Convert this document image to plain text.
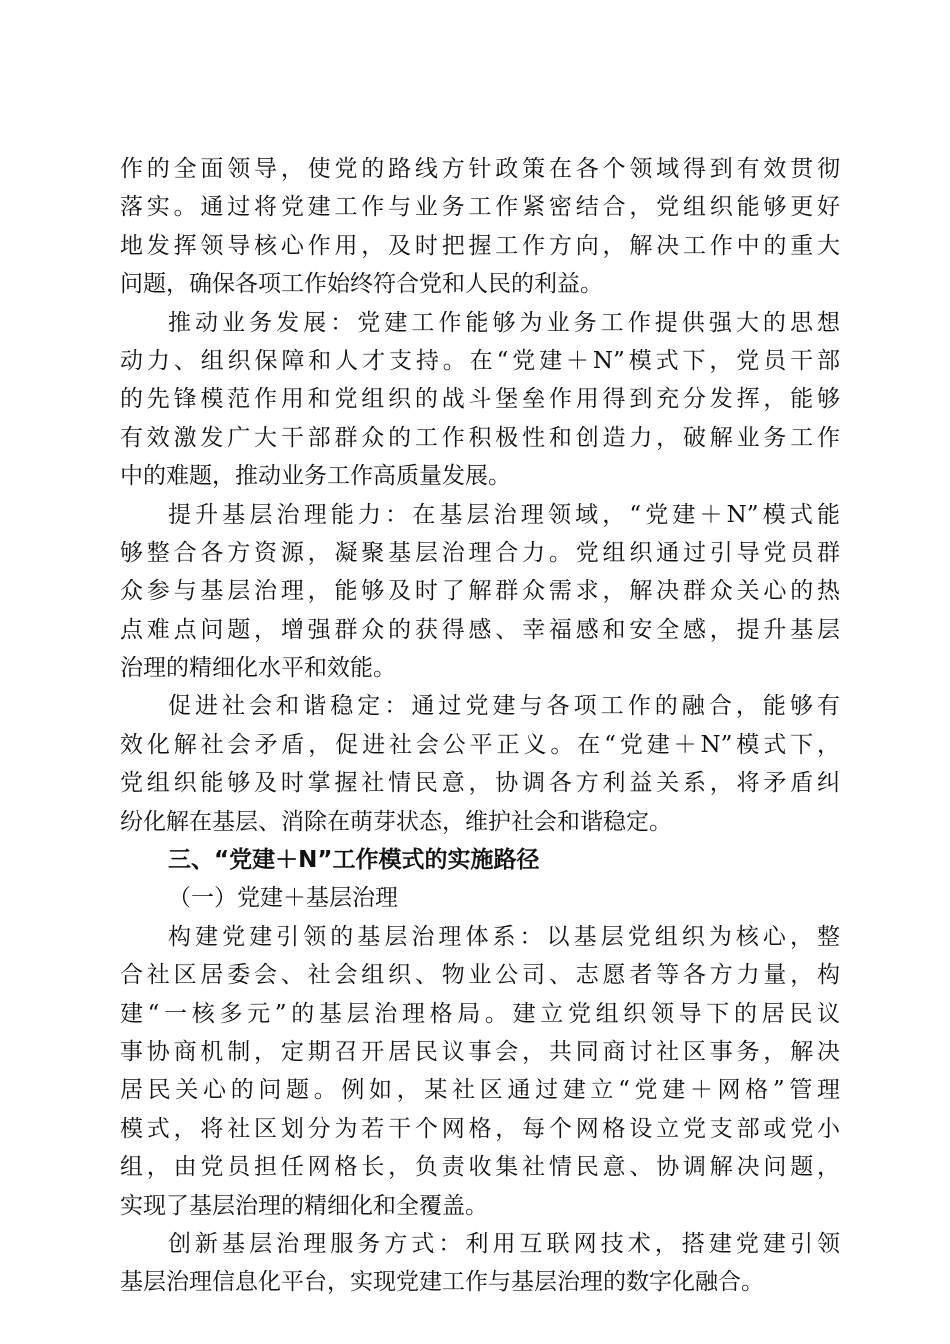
作的全面领导，使党的路线方针政策在各个领域得到有效贯彻
落实。通过将党建工作与业务工作紧密结合，党组织能够更好
地发挥领导核心作用，及时把握工作方向，解决工作中的重大
问题，确保各项工作始终符合党和人民的利益。
推动业务发展：党建工作能够为业务工作提供强大的思想
动力、组织保障和人才支持。在“党建＋N”模式下，党员干部
的先锋模范作用和党组织的战斗堡垒作用得到充分发挥，能够
有效激发广大干部群众的工作积极性和创造力，破解业务工作
中的难题，推动业务工作高质量发展。
提升基层治理能力：在基层治理领域，“党建＋N”模式能
够整合各方资源，凝聚基层治理合力。党组织通过引导党员群
众参与基层治理，能够及时了解群众需求，解决群众关心的热
点难点问题，增强群众的获得感、幸福感和安全感，提升基层
治理的精细化水平和效能。
促进社会和谐稳定：通过党建与各项工作的融合，能够有
效化解社会矛盾，促进社会公平正义。在“党建＋N”模式下，
党组织能够及时掌握社情民意，协调各方利益关系，将矛盾纠
纷化解在基层、消除在萌芽状态，维护社会和谐稳定。
三、“党建＋N”工作模式的实施路径
（一）党建＋基层治理
构建党建引领的基层治理体系：以基层党组织为核心，整
合社区居委会、社会组织、物业公司、志愿者等各方力量，构
建“一核多元”的基层治理格局。建立党组织领导下的居民议
事协商机制，定期召开居民议事会，共同商讨社区事务，解决
居民关心的问题。例如，某社区通过建立“党建＋网格”管理
模式，将社区划分为若干个网格，每个网格设立党支部或党小
组，由党员担任网格长，负责收集社情民意、协调解决问题，
实现了基层治理的精细化和全覆盖。
创新基层治理服务方式：利用互联网技术，搭建党建引领
基层治理信息化平台，实现党建工作与基层治理的数字化融合。
